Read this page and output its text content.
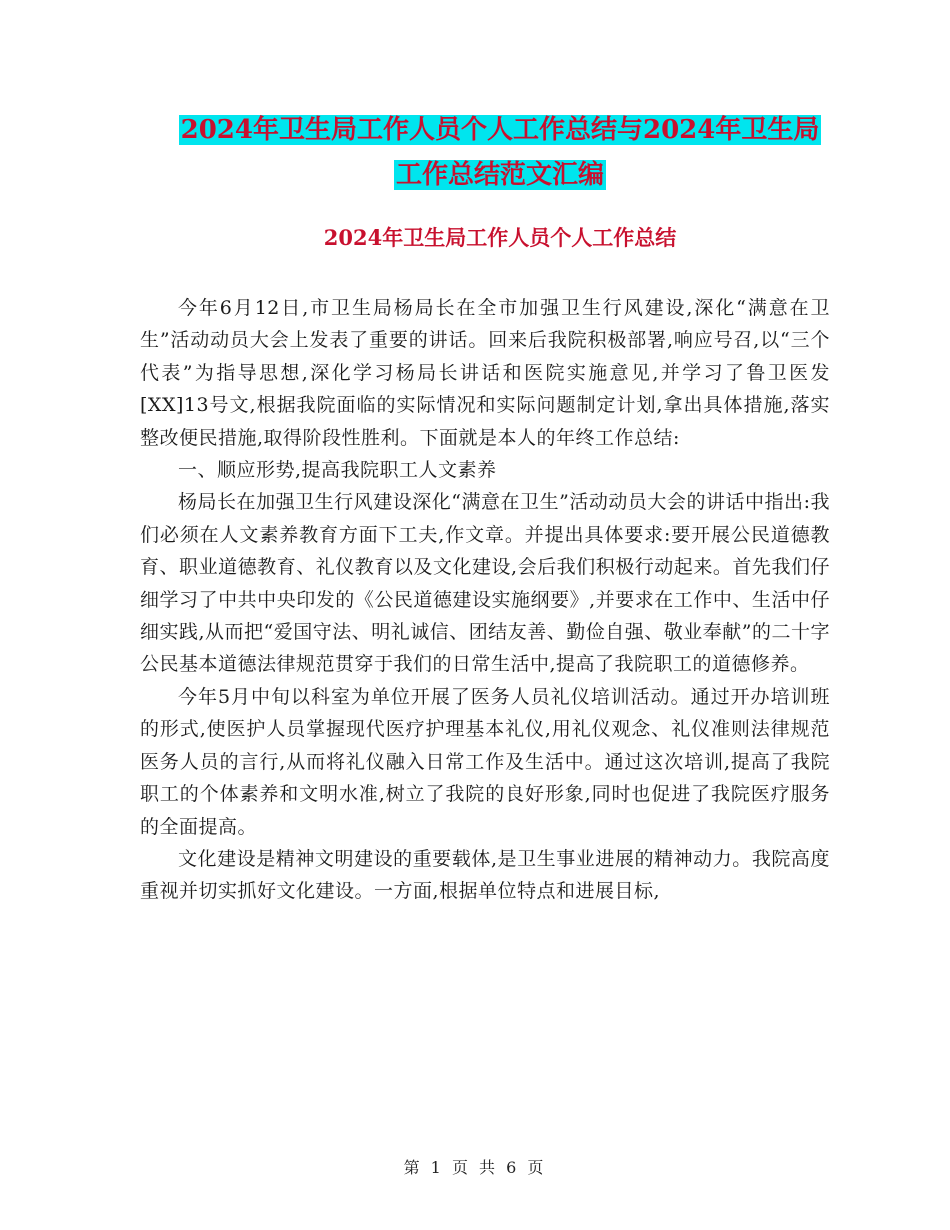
2024年卫生局工作人员个人工作总结与2024年卫生局
工作总结范文汇编
2024年卫生局工作人员个人工作总结

今年6月12日,市卫生局杨局长在全市加强卫生行风建设,深化“满意在卫生”活动动员大会上发表了重要的讲话。回来后我院积极部署,响应号召,以“三个代表”为指导思想,深化学习杨局长讲话和医院实施意见,并学习了鲁卫医发[XX]13号文,根据我院面临的实际情况和实际问题制定计划,拿出具体措施,落实整改便民措施,取得阶段性胜利。下面就是本人的年终工作总结:

一、顺应形势,提高我院职工人文素养

杨局长在加强卫生行风建设深化“满意在卫生”活动动员大会的讲话中指出:我们必须在人文素养教育方面下工夫,作文章。并提出具体要求:要开展公民道德教育、职业道德教育、礼仪教育以及文化建设,会后我们积极行动起来。首先我们仔细学习了中共中央印发的《公民道德建设实施纲要》,并要求在工作中、生活中仔细实践,从而把“爱国守法、明礼诚信、团结友善、勤俭自强、敬业奉献”的二十字公民基本道德法律规范贯穿于我们的日常生活中,提高了我院职工的道德修养。

今年5月中旬以科室为单位开展了医务人员礼仪培训活动。通过开办培训班的形式,使医护人员掌握现代医疗护理基本礼仪,用礼仪观念、礼仪准则法律规范医务人员的言行,从而将礼仪融入日常工作及生活中。通过这次培训,提高了我院职工的个体素养和文明水准,树立了我院的良好形象,同时也促进了我院医疗服务的全面提高。

文化建设是精神文明建设的重要载体,是卫生事业进展的精神动力。我院高度重视并切实抓好文化建设。一方面,根据单位特点和进展目标,

第 1 页 共 6 页
